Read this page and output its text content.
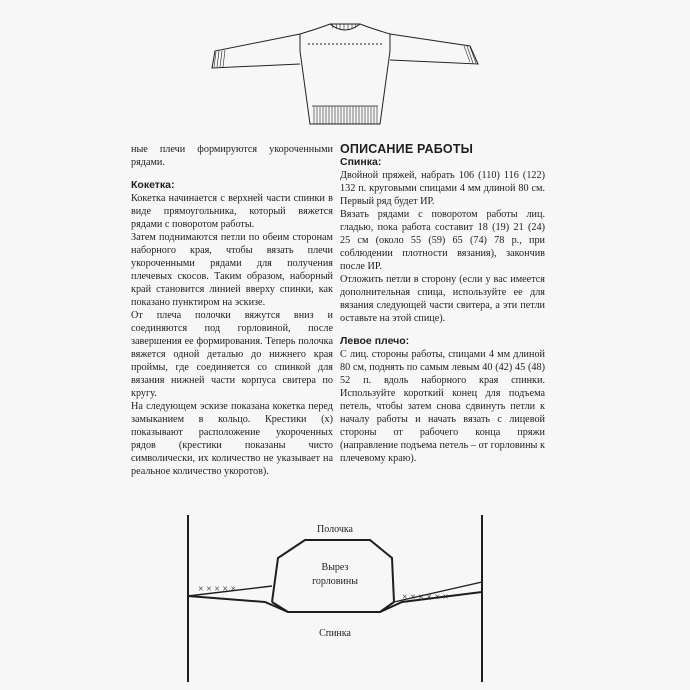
ные плечи формируются укороченными рядами.

Кокетка:

Кокетка начинается с верхней части спинки в виде прямоугольника, который вяжется рядами с поворотом работы.

Затем поднимаются петли по обеим сторонам наборного края, чтобы вязать плечи укороченными рядами для получения плечевых скосов. Таким образом, наборный край становится линией вверху спинки, как показано пунктиром на эскизе.

От плеча полочки вяжутся вниз и соединяются под горловиной, после завершения ее формирования. Теперь полочка вяжется одной деталью до нижнего края проймы, где соединяется со спинкой для вязания нижней части корпуса свитера по кругу.

На следующем эскизе показана кокетка перед замыканием в кольцо. Крестики (x) показывают расположение укороченных рядов (крестики показаны чисто символически, их количество не указывает на реальное количество укоротов).

ОПИСАНИЕ РАБОТЫ

Спинка:

Двойной пряжей, набрать 106 (110) 116 (122) 132 п. круговыми спицами 4 мм длиной 80 см. Первый ряд будет ИР.

Вязать рядами с поворотом работы лиц. гладью, пока работа составит 18 (19) 21 (24) 25 см (около 55 (59) 65 (74) 78 р., при соблюдении плотности вязания), закончив после ИР.

Отложить петли в сторону (если у вас имеется дополнительная спица, используйте ее для вязания следующей части свитера, а эти петли оставьте на этой спице).

Левое плечо:

С лиц. стороны работы, спицами 4 мм длиной 80 см, поднять по самым левым 40 (42) 45 (48) 52 п. вдоль наборного края спинки. Используйте короткий конец для подъема петель, чтобы затем снова сдвинуть петли к началу работы и начать вязать с лицевой стороны от рабочего конца пряжи (направление подъема петель – от горловины к плечевому краю).

× × × × ×
× × × × × ×
Полочка
Вырез
горловины
Спинка
